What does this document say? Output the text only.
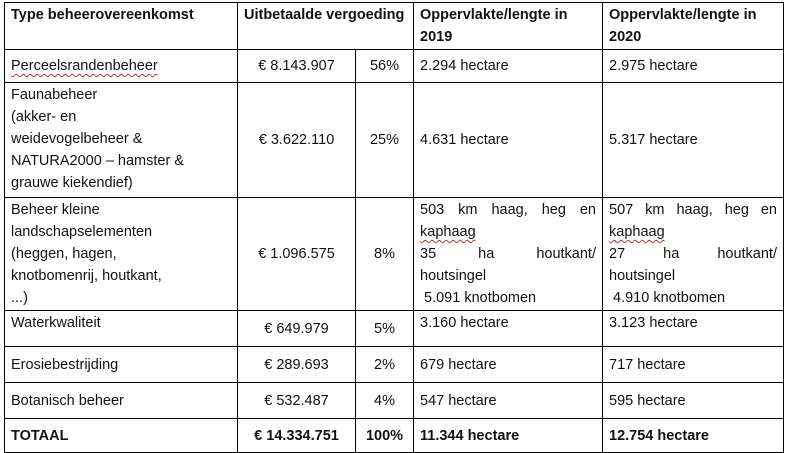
Type beheerovereenkomst	Uitbetaalde vergoeding		Oppervlakte/lengte in 2019	Oppervlakte/lengte in 2020
Perceelsrandenbeheer	€ 8.143.907	56%	2.294 hectare	2.975 hectare

Faunabeheer
(akker- en
weidevogelbeheer &
NATURA2000 – hamster &
grauwe kiekendief)	€ 3.622.110	25%	4.631 hectare	5.317 hectare

Beheer kleine
landschapselementen
(heggen, hagen,
knotbomenrij, houtkant,
...)	€ 1.096.575	8%	503 km haag, heg en
kaphaag
35 ha houtkant/
houtsingel
5.091 knotbomen	507 km haag, heg en
kaphaag
27 ha houtkant/
houtsingel
4.910 knotbomen

Waterkwaliteit	€ 649.979	5%	3.160 hectare	3.123 hectare
Erosiebestrijding	€ 289.693	2%	679 hectare	717 hectare
Botanisch beheer	€ 532.487	4%	547 hectare	595 hectare
TOTAAL	€ 14.334.751	100%	11.344 hectare	12.754 hectare
